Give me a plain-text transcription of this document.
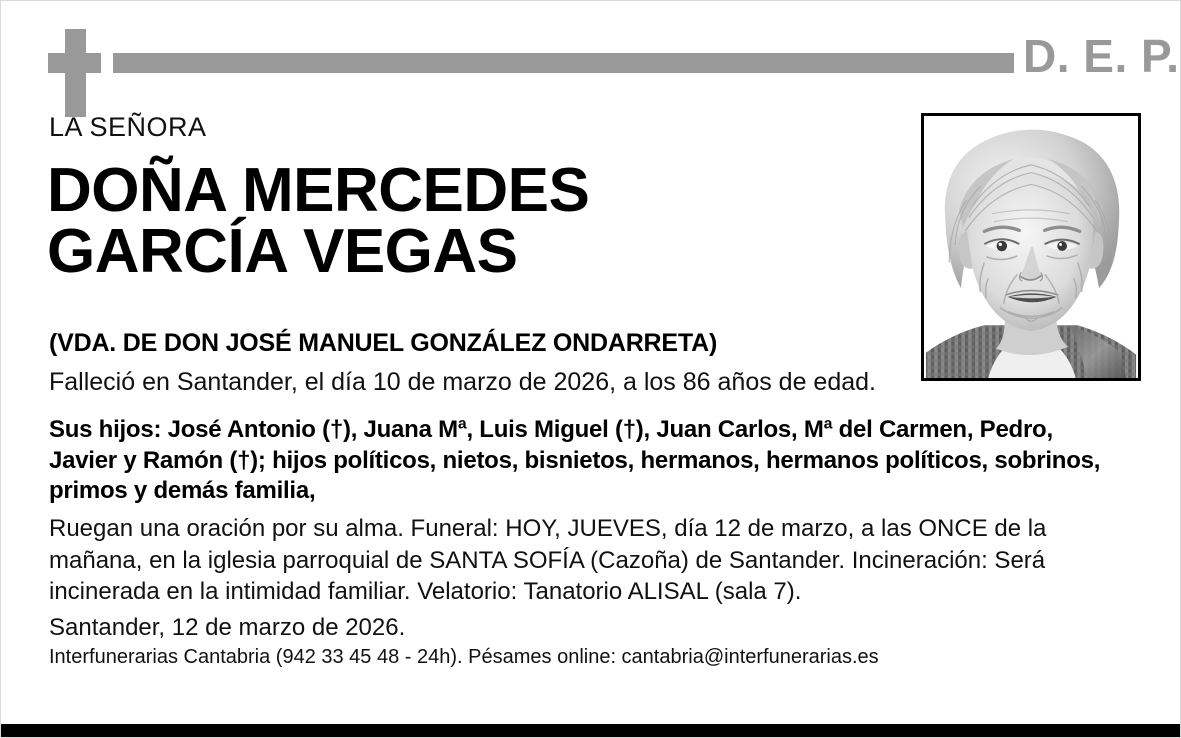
D. E. P.
LA SEÑORA
DOÑA MERCEDES
GARCÍA VEGAS
(VDA. DE DON JOSÉ MANUEL GONZÁLEZ ONDARRETA)
Falleció en Santander, el día 10 de marzo de 2026, a los 86 años de edad.
Sus hijos: José Antonio (†), Juana Mª, Luis Miguel (†), Juan Carlos, Mª del Carmen, Pedro,
Javier y Ramón (†); hijos políticos, nietos, bisnietos, hermanos, hermanos políticos, sobrinos,
primos y demás familia,
Ruegan una oración por su alma. Funeral: HOY, JUEVES, día 12 de marzo, a las ONCE de la
mañana, en la iglesia parroquial de SANTA SOFÍA (Cazoña) de Santander. Incineración: Será
incinerada en la intimidad familiar. Velatorio: Tanatorio ALISAL (sala 7).
Santander, 12 de marzo de 2026.
Interfunerarias Cantabria (942 33 45 48 - 24h). Pésames online: cantabria@interfunerarias.es
